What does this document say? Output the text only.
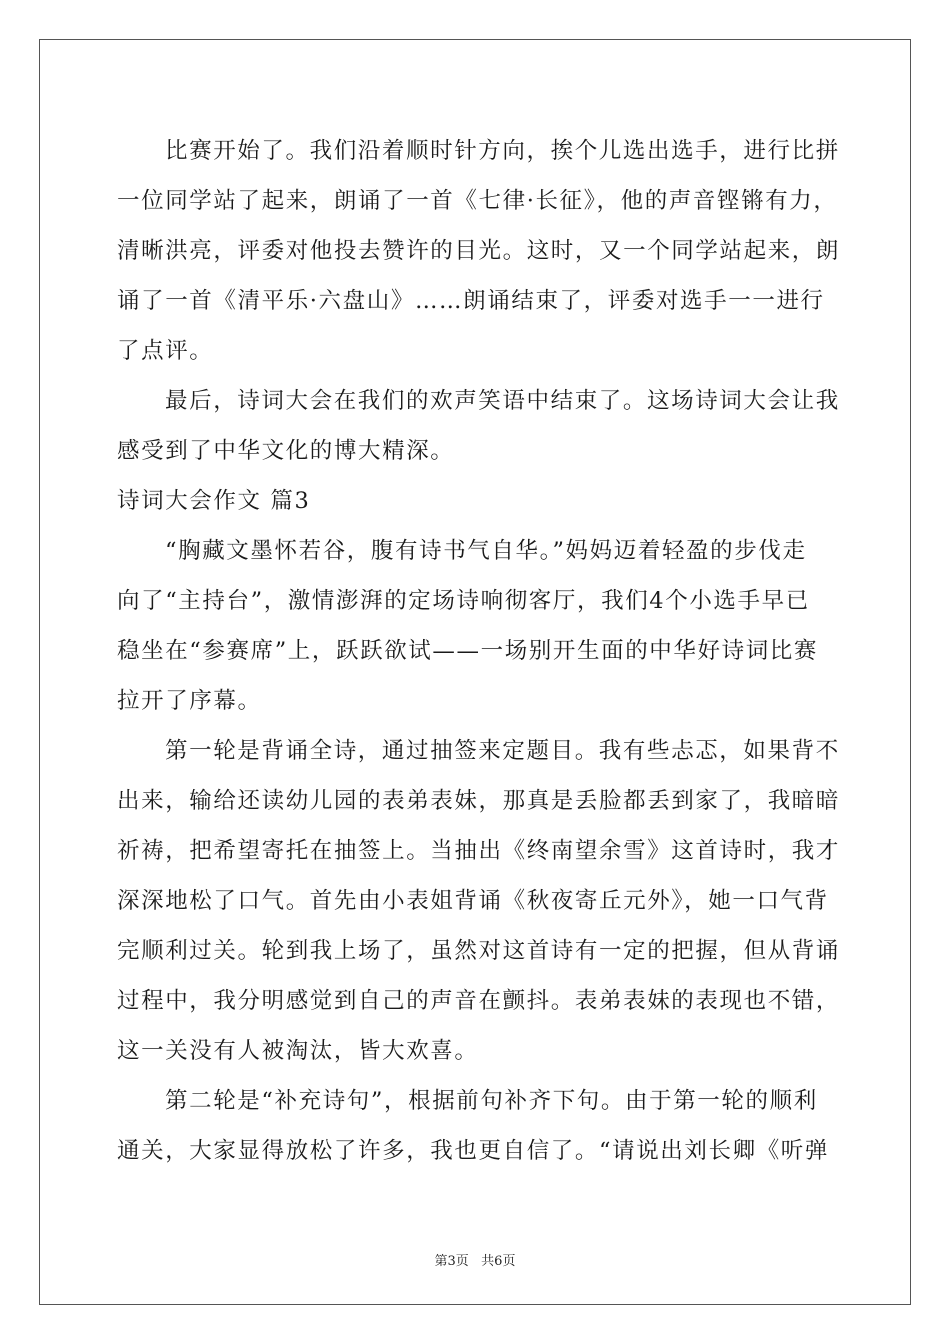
比赛开始了。我们沿着顺时针方向，挨个儿选出选手，进行比拼
一位同学站了起来，朗诵了一首《七律·长征》，他的声音铿锵有力，
清晰洪亮，评委对他投去赞许的目光。这时，又一个同学站起来，朗
诵了一首《清平乐·六盘山》……朗诵结束了，评委对选手一一进行
了点评。
最后，诗词大会在我们的欢声笑语中结束了。这场诗词大会让我
感受到了中华文化的博大精深。
诗词大会作文 篇3
“胸藏文墨怀若谷，腹有诗书气自华。”妈妈迈着轻盈的步伐走
向了“主持台”，激情澎湃的定场诗响彻客厅，我们4个小选手早已
稳坐在“参赛席”上，跃跃欲试——一场别开生面的中华好诗词比赛
拉开了序幕。
第一轮是背诵全诗，通过抽签来定题目。我有些忐忑，如果背不
出来，输给还读幼儿园的表弟表妹，那真是丢脸都丢到家了，我暗暗
祈祷，把希望寄托在抽签上。当抽出《终南望余雪》这首诗时，我才
深深地松了口气。首先由小表姐背诵《秋夜寄丘元外》，她一口气背
完顺利过关。轮到我上场了，虽然对这首诗有一定的把握，但从背诵
过程中，我分明感觉到自己的声音在颤抖。表弟表妹的表现也不错，
这一关没有人被淘汰，皆大欢喜。
第二轮是“补充诗句”，根据前句补齐下句。由于第一轮的顺利
通关，大家显得放松了许多，我也更自信了。“请说出刘长卿《听弹
第3页   共6页
